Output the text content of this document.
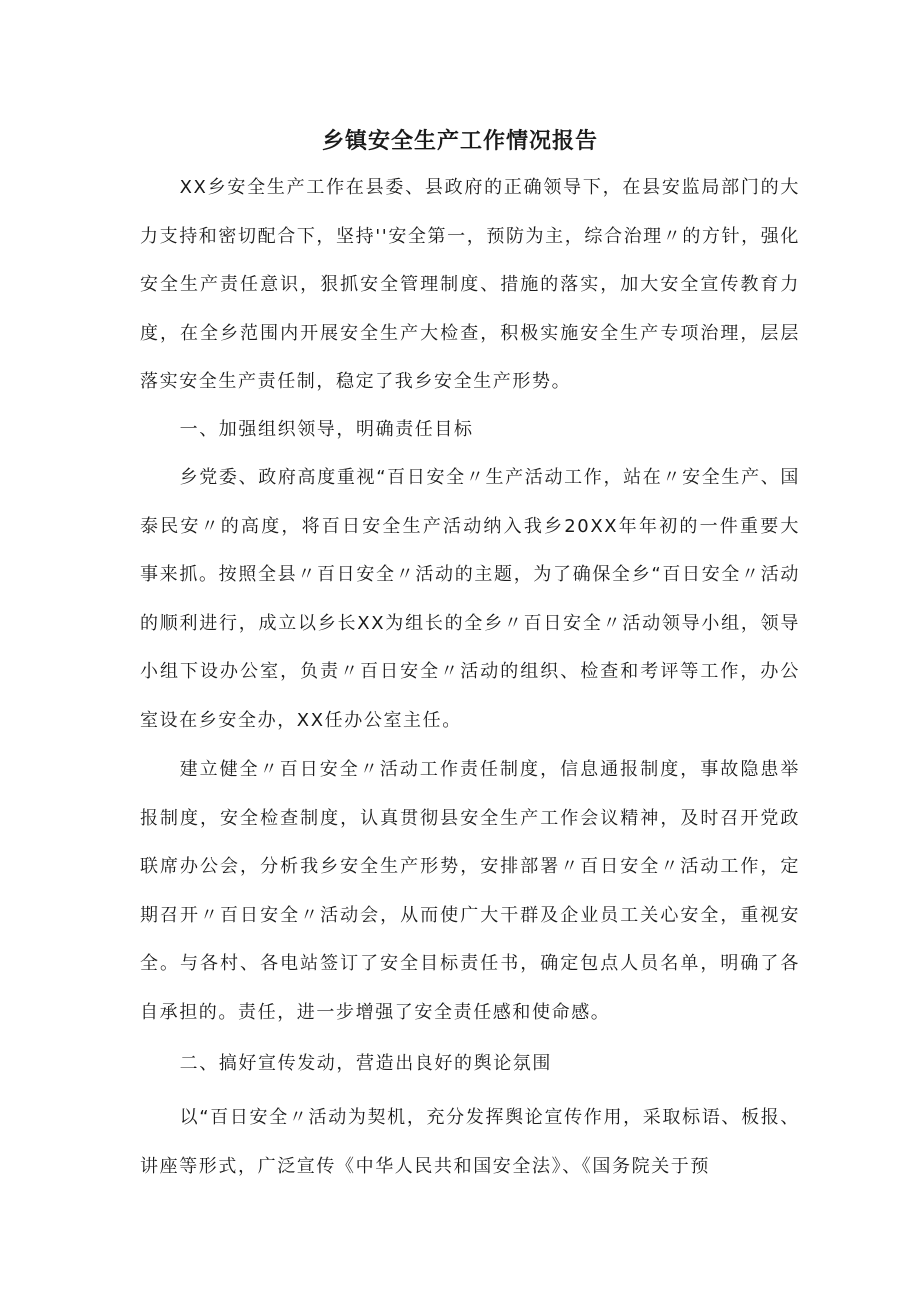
乡镇安全生产工作情况报告

XX乡安全生产工作在县委、县政府的正确领导下，在县安监局部门的大力支持和密切配合下，坚持''安全第一，预防为主，综合治理〃的方针，强化安全生产责任意识，狠抓安全管理制度、措施的落实，加大安全宣传教育力度，在全乡范围内开展安全生产大检查，积极实施安全生产专项治理，层层落实安全生产责任制，稳定了我乡安全生产形势。

一、加强组织领导，明确责任目标

乡党委、政府高度重视“百日安全〃生产活动工作，站在〃安全生产、国泰民安〃的高度，将百日安全生产活动纳入我乡20XX年年初的一件重要大事来抓。按照全县〃百日安全〃活动的主题，为了确保全乡“百日安全〃活动的顺利进行，成立以乡长XX为组长的全乡〃百日安全〃活动领导小组，领导小组下设办公室，负责〃百日安全〃活动的组织、检查和考评等工作，办公室设在乡安全办，XX任办公室主任。

建立健全〃百日安全〃活动工作责任制度，信息通报制度，事故隐患举报制度，安全检查制度，认真贯彻县安全生产工作会议精神，及时召开党政联席办公会，分析我乡安全生产形势，安排部署〃百日安全〃活动工作，定期召开〃百日安全〃活动会，从而使广大干群及企业员工关心安全，重视安全。与各村、各电站签订了安全目标责任书，确定包点人员名单，明确了各自承担的。责任，进一步增强了安全责任感和使命感。

二、搞好宣传发动，营造出良好的舆论氛围

以“百日安全〃活动为契机，充分发挥舆论宣传作用，采取标语、板报、讲座等形式，广泛宣传《中华人民共和国安全法》、《国务院关于预
